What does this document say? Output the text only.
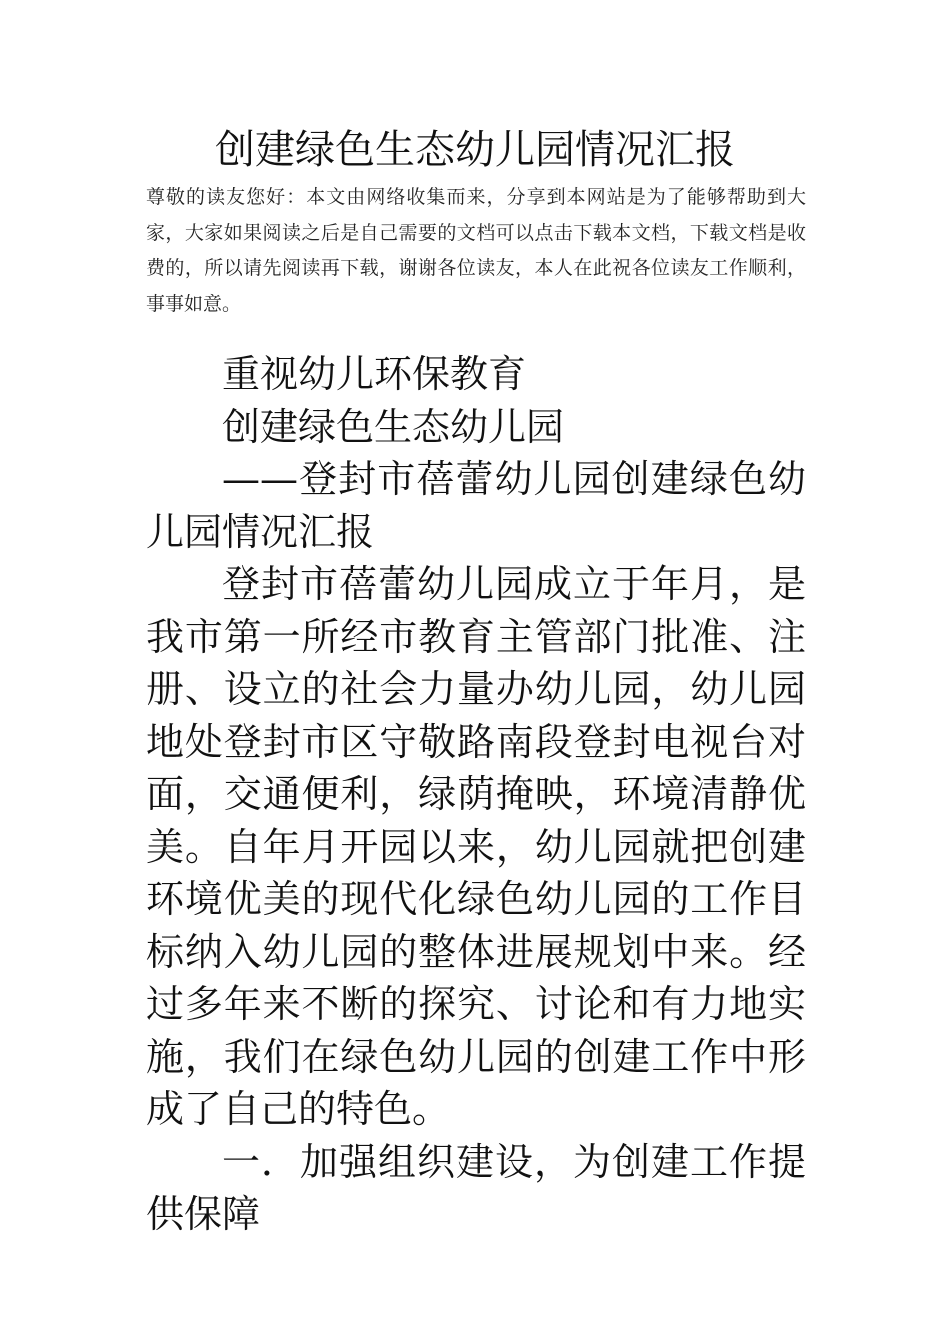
创建绿色生态幼儿园情况汇报
尊敬的读友您好：本文由网络收集而来，分享到本网站是为了能够帮助到大家，大家如果阅读之后是自己需要的文档可以点击下载本文档，下载文档是收费的，所以请先阅读再下载，谢谢各位读友，本人在此祝各位读友工作顺利，事事如意。

重视幼儿环保教育

创建绿色生态幼儿园

——登封市蓓蕾幼儿园创建绿色幼儿园情况汇报

登封市蓓蕾幼儿园成立于年月，是我市第一所经市教育主管部门批准、注册、设立的社会力量办幼儿园，幼儿园地处登封市区守敬路南段登封电视台对面，交通便利，绿荫掩映，环境清静优美。自年月开园以来，幼儿园就把创建环境优美的现代化绿色幼儿园的工作目标纳入幼儿园的整体进展规划中来。经过多年来不断的探究、讨论和有力地实施，我们在绿色幼儿园的创建工作中形成了自己的特色。

一．加强组织建设，为创建工作提供保障
